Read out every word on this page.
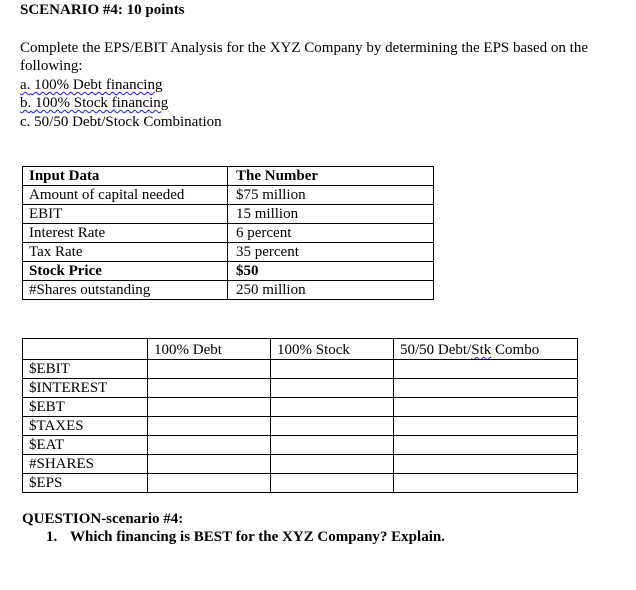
SCENARIO #4: 10 points
Complete the EPS/EBIT Analysis for the XYZ Company by determining the EPS based on the
following:
a. 100% Debt financing
b. 100% Stock financing
c. 50/50 Debt/Stock Combination
Input Data	The Number
Amount of capital needed	$75 million
EBIT	15 million
Interest Rate	6 percent
Tax Rate	35 percent
Stock Price	$50
#Shares outstanding	250 million
	100% Debt	100% Stock	50/50 Debt/Stk Combo
$EBIT			
$INTEREST			
$EBT			
$TAXES			
$EAT			
#SHARES			
$EPS			
QUESTION-scenario #4:
1. Which financing is BEST for the XYZ Company? Explain.
